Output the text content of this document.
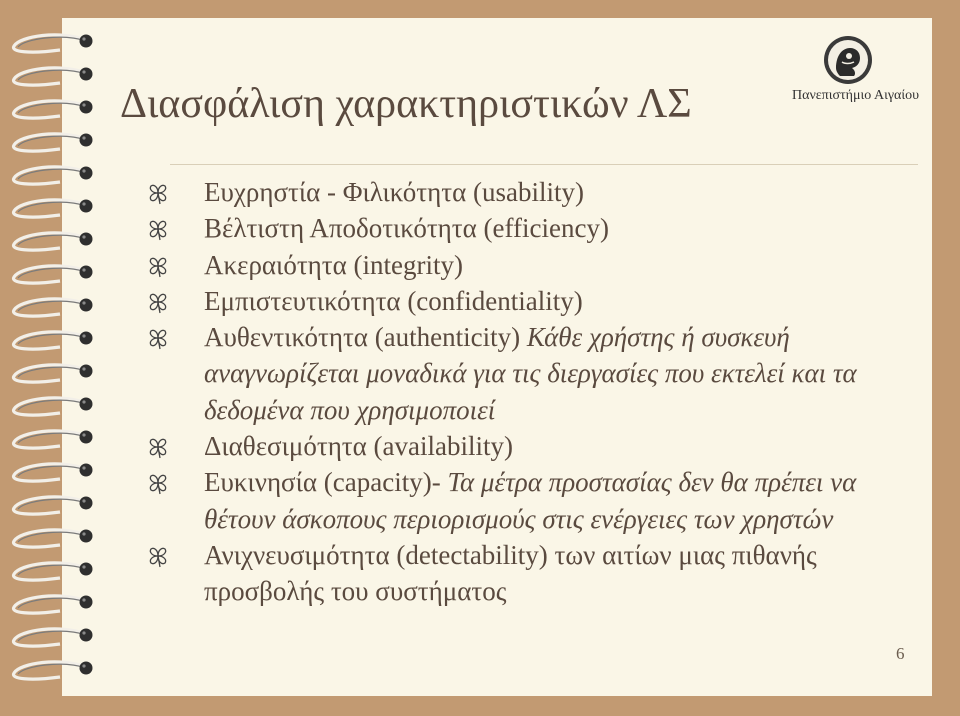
Πανεπιστήμιο Αιγαίου
Διασφάλιση χαρακτηριστικών ΛΣ
Ευχρηστία - Φιλικότητα (usability)
Βέλτιστη Αποδοτικότητα (efficiency)
Ακεραιότητα (integrity)
Εμπιστευτικότητα (confidentiality)
Αυθεντικότητα (authenticity) Κάθε χρήστης ή συσκευή αναγνωρίζεται μοναδικά για τις διεργασίες που εκτελεί και τα δεδομένα που χρησιμοποιεί
Διαθεσιμότητα (availability)
Ευκινησία (capacity)- Τα μέτρα προστασίας δεν θα πρέπει να θέτουν άσκοπους περιορισμούς στις ενέργειες των χρηστών
Ανιχνευσιμότητα (detectability) των αιτίων μιας πιθανής προσβολής του συστήματος
6
